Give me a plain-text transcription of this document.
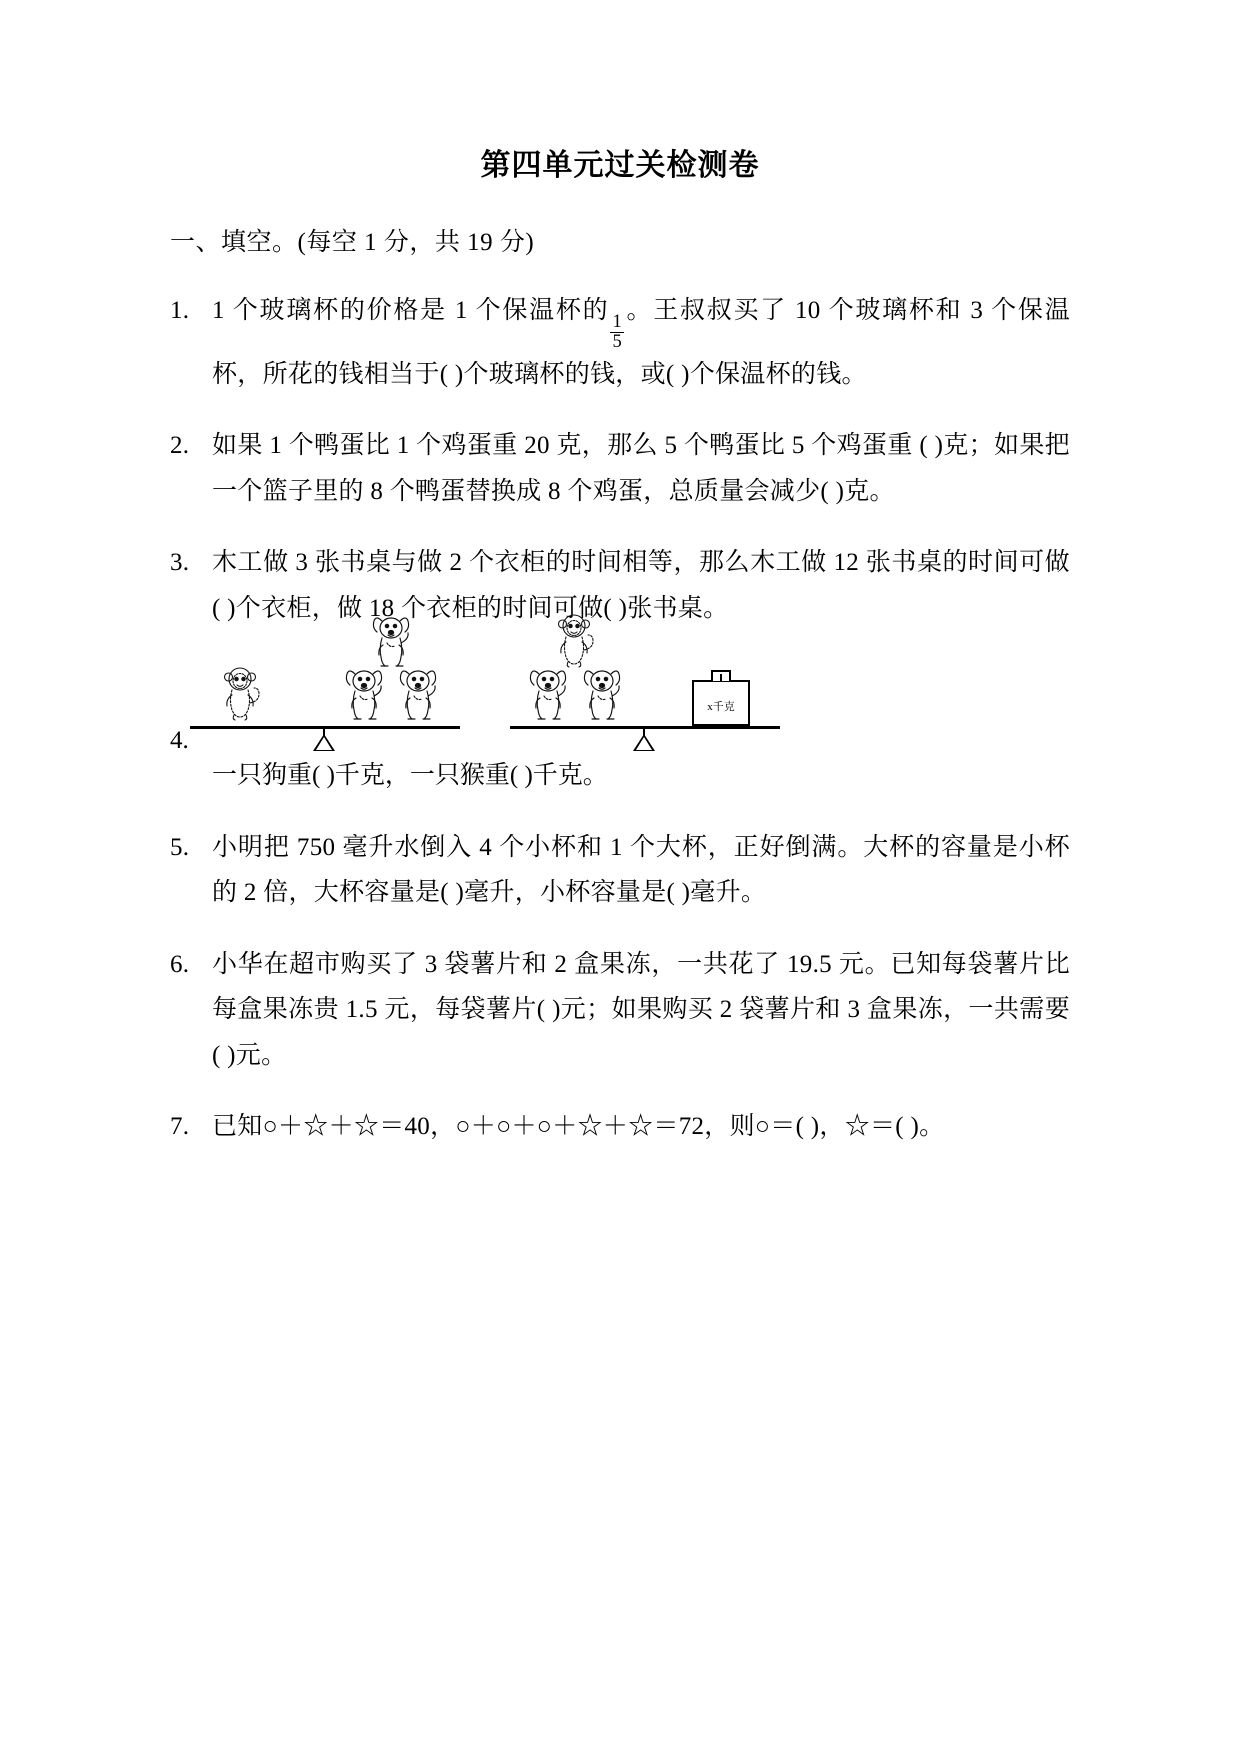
第四单元过关检测卷
一、填空。(每空 1 分，共 19 分)
1. 1 个玻璃杯的价格是 1 个保温杯的
$\frac{1}{5}$
。王叔叔买了 10 个玻璃杯和 3 个保温杯，所花的钱相当于( )个玻璃杯的钱，或( )个保温杯的钱。

2. 如果 1 个鸭蛋比 1 个鸡蛋重 20 克，那么 5 个鸭蛋比 5 个鸡蛋重 ( )克；如果把一个篮子里的 8 个鸭蛋替换成 8 个鸡蛋，总质量会减少( )克。

3. 木工做 3 张书桌与做 2 个衣柜的时间相等，那么木工做 12 张书桌的时间可做( )个衣柜，做 18 个衣柜的时间可做( )张书桌。

x千克
4.
一只狗重( )千克，一只猴重( )千克。
5. 小明把 750 毫升水倒入 4 个小杯和 1 个大杯，正好倒满。大杯的容量是小杯的 2 倍，大杯容量是( )毫升，小杯容量是( )毫升。

6. 小华在超市购买了 3 袋薯片和 2 盒果冻，一共花了 19.5 元。已知每袋薯片比每盒果冻贵 1.5 元，每袋薯片( )元；如果购买 2 袋薯片和 3 盒果冻，一共需要( )元。

7. 已知○＋☆＋☆＝40，○＋○＋○＋☆＋☆＝72，则○＝( )，☆＝( )。
